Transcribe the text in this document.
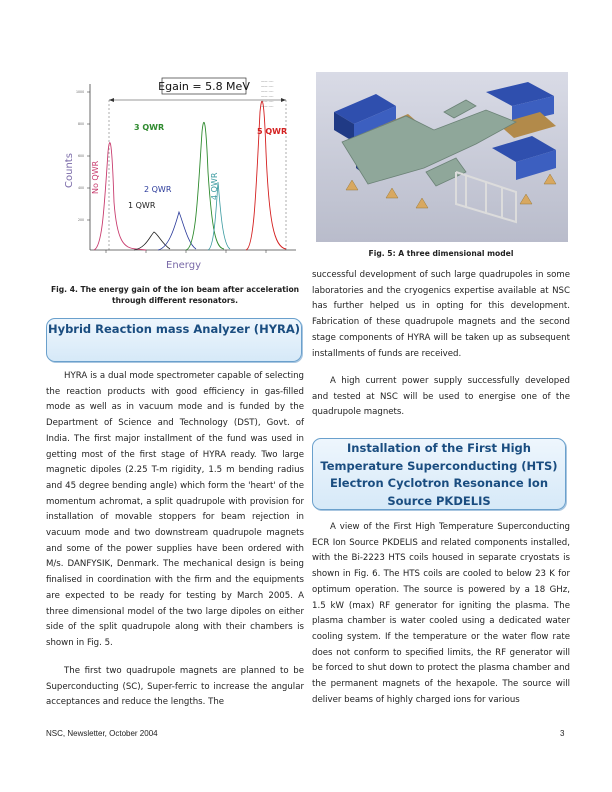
1000
800
600
400
200
Egain = 5.8 MeV	—— ----
—— ----
—— ----
—— ----
—— ----
—— ----
No QWR
1 QWR
2 QWR
3 QWR
4 QWR
5 QWR
Counts
Energy
Fig. 4. The energy gain of the ion beam after acceleration through different resonators.
Hybrid Reaction mass Analyzer (HYRA)

HYRA is a dual mode spectrometer capable of selecting the reaction products with good efficiency in gas-filled mode as well as in vacuum mode and is funded by the Department of Science and Technology (DST), Govt. of India. The first major installment of the fund was used in getting most of the first stage of HYRA ready. Two large magnetic dipoles (2.25 T-m rigidity, 1.5 m bending radius and 45 degree bending angle) which form the 'heart' of the momentum achromat, a split quadrupole with provision for installation of movable stoppers for beam rejection in vacuum mode and two downstream quadrupole magnets and some of the power supplies have been ordered with M/s. DANFYSIK, Denmark. The mechanical design is being finalised in coordination with the firm and the equipments are expected to be ready for testing by March 2005. A three dimensional model of the two large dipoles on either side of the split quadrupole along with their chambers is shown in Fig. 5.

The first two quadrupole magnets are planned to be Superconducting (SC), Super-ferric to increase the angular acceptances and reduce the lengths. The

Fig. 5: A three dimensional model

successful development of such large quadrupoles in some laboratories and the cryogenics expertise available at NSC has further helped us in opting for this development. Fabrication of these quadrupole magnets and the second stage components of HYRA will be taken up as subsequent installments of funds are received.

A high current power supply successfully developed and tested at NSC will be used to energise one of the quadrupole magnets.

Installation of the First High Temperature Superconducting (HTS) Electron Cyclotron Resonance Ion Source PKDELIS

A view of the First High Temperature Superconducting ECR Ion Source PKDELIS and related components installed, with the Bi-2223 HTS coils housed in separate cryostats is shown in Fig. 6. The HTS coils are cooled to below 23 K for optimum operation. The source is powered by a 18 GHz, 1.5 kW (max) RF generator for igniting the plasma. The plasma chamber is water cooled using a dedicated water cooling system. If the temperature or the water flow rate does not conform to specified limits, the RF generator will be forced to shut down to protect the plasma chamber and the permanent magnets of the hexapole. The source will deliver beams of highly charged ions for various

NSC, Newsletter, October 2004	3
